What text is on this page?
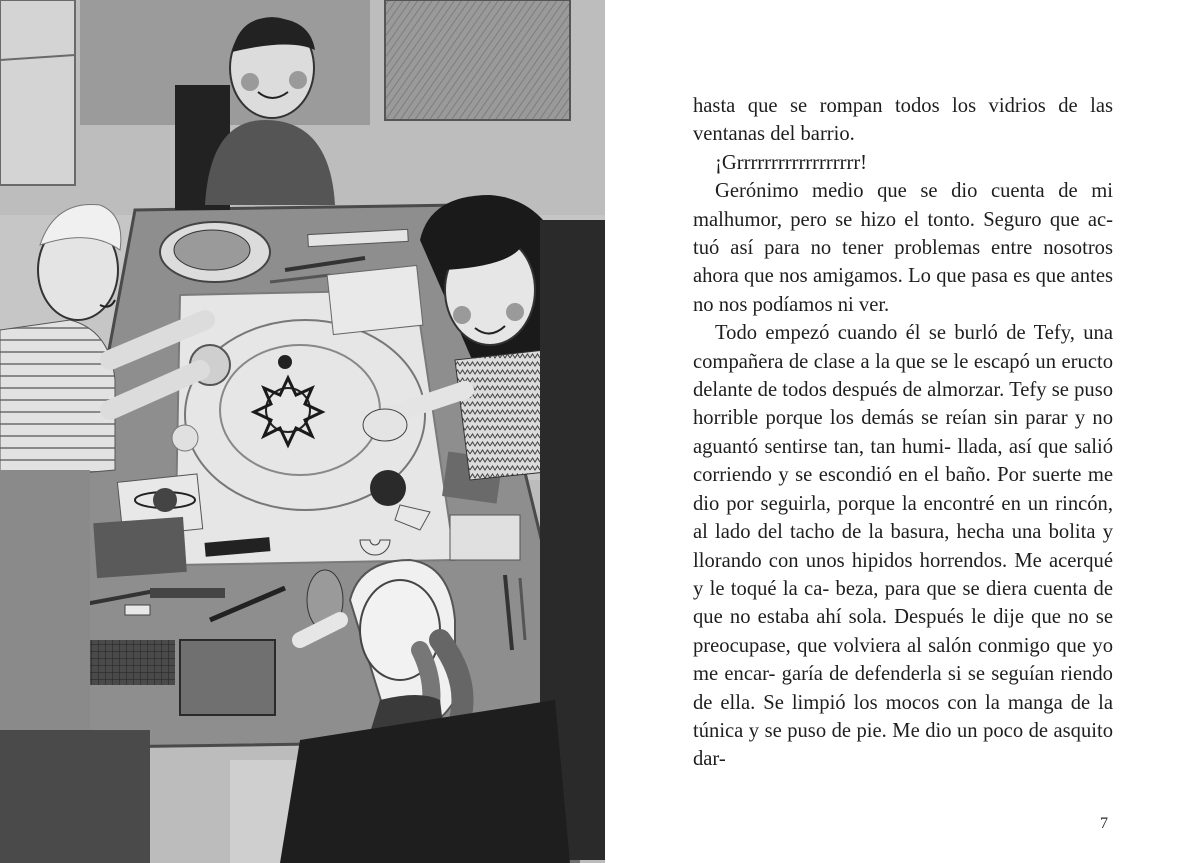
hasta que se rompan todos los vidrios de las ventanas del barrio.

¡Grrrrrrrrrrrrrrrrrr!

Gerónimo medio que se dio cuenta de mi malhumor, pero se hizo el tonto. Seguro que ac- tuó así para no tener problemas entre nosotros ahora que nos amigamos. Lo que pasa es que antes no nos podíamos ni ver.

Todo empezó cuando él se burló de Tefy, una compañera de clase a la que se le escapó un eructo delante de todos después de almorzar. Tefy se puso horrible porque los demás se reían sin parar y no aguantó sentirse tan, tan humi- llada, así que salió corriendo y se escondió en el baño. Por suerte me dio por seguirla, porque la encontré en un rincón, al lado del tacho de la basura, hecha una bolita y llorando con unos hipidos horrendos. Me acerqué y le toqué la ca- beza, para que se diera cuenta de que no estaba ahí sola. Después le dije que no se preocupase, que volviera al salón conmigo que yo me encar- garía de defenderla si se seguían riendo de ella. Se limpió los mocos con la manga de la túnica y se puso de pie. Me dio un poco de asquito dar-

7
